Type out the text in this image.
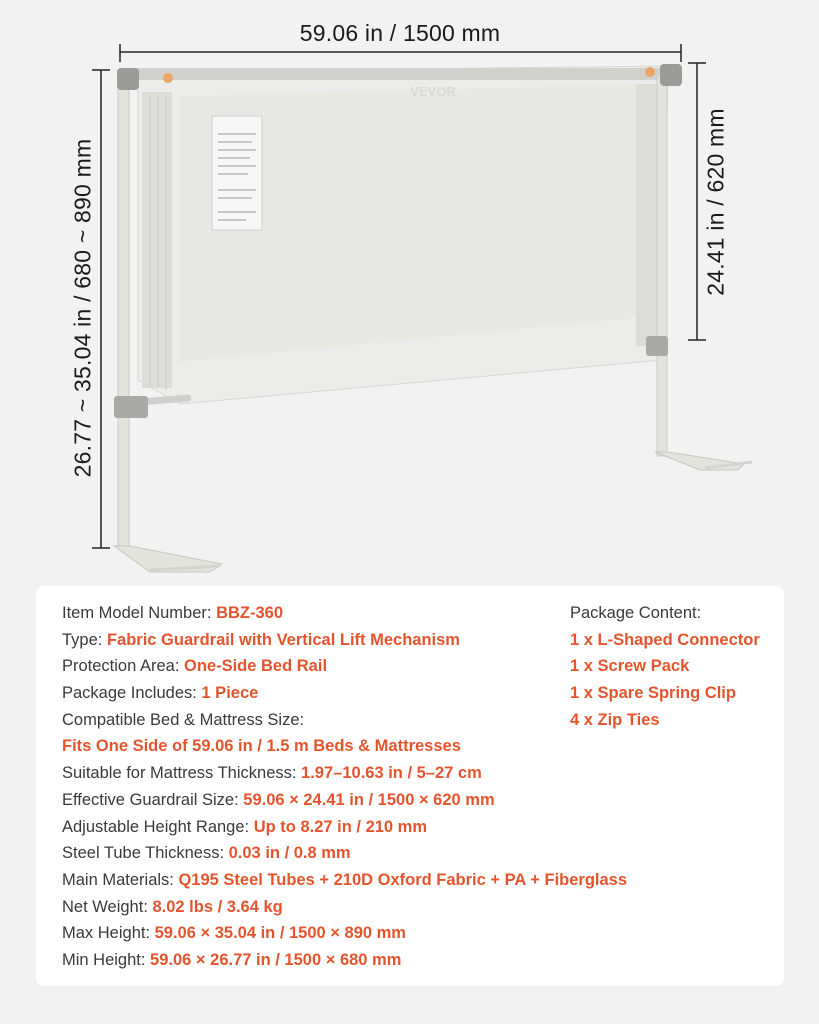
VEVOR
59.06 in / 1500 mm
26.77 ~ 35.04 in / 680 ~ 890 mm	24.41 in / 620 mm
Item Model Number: BBZ-360
Type: Fabric Guardrail with Vertical Lift Mechanism
Protection Area: One-Side Bed Rail
Package Includes: 1 Piece
Compatible Bed & Mattress Size:
Fits One Side of 59.06 in / 1.5 m Beds & Mattresses
Suitable for Mattress Thickness: 1.97–10.63 in / 5–27 cm
Effective Guardrail Size: 59.06 × 24.41 in / 1500 × 620 mm
Adjustable Height Range: Up to 8.27 in / 210 mm
Steel Tube Thickness: 0.03 in / 0.8 mm
Main Materials: Q195 Steel Tubes + 210D Oxford Fabric + PA + Fiberglass
Net Weight: 8.02 lbs / 3.64 kg
Max Height: 59.06 × 35.04 in / 1500 × 890 mm
Min Height: 59.06 × 26.77 in / 1500 × 680 mm
Package Content:
1 x L-Shaped Connector
1 x Screw Pack
1 x Spare Spring Clip
4 x Zip Ties
